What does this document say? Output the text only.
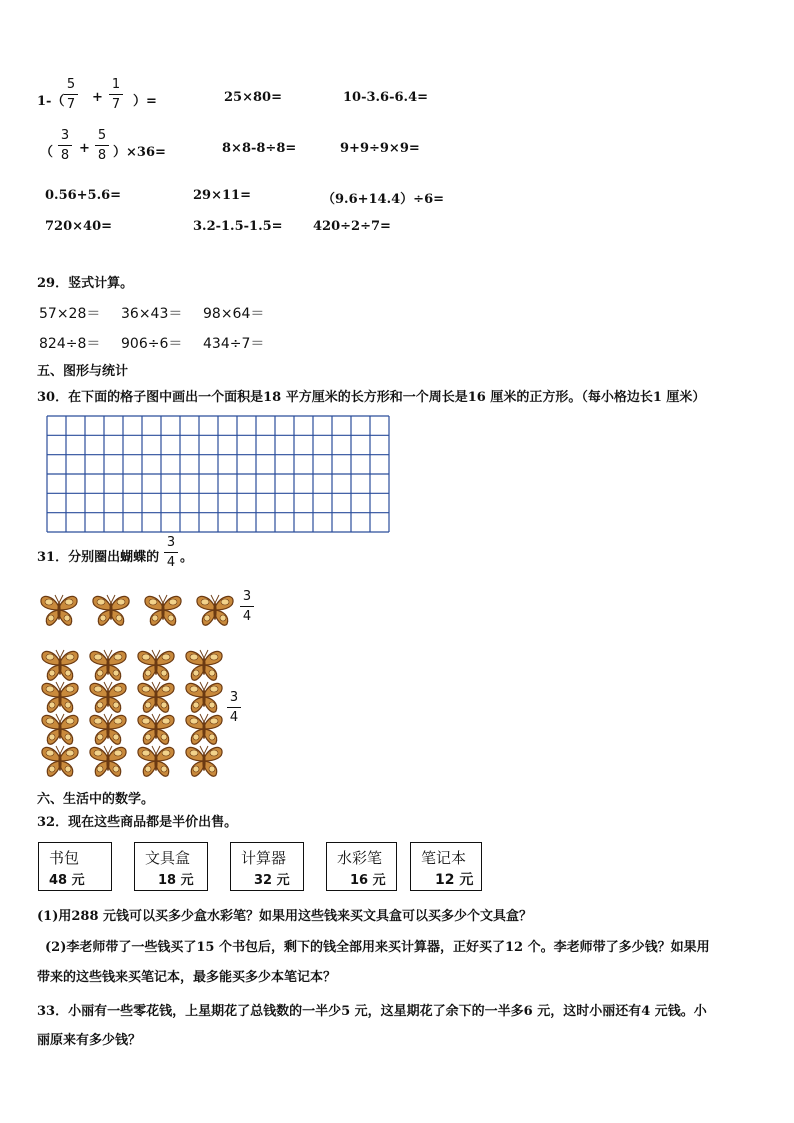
1-（
5
7 +
1
7 ）=	25×80=	10-3.6-6.4=
（
3
8 +
5
8 ）×36=	8×8-8÷8=	9+9÷9×9=
0.56+5.6=	29×11=	（9.6+14.4）÷6=
720×40=	3.2-1.5-1.5= 420÷2÷7=
29．竖式计算。
57×28＝ 36×43＝ 98×64＝
824÷8＝ 906÷6＝ 434÷7＝
五、图形与统计
30．在下面的格子图中画出一个面积是18 平方厘米的长方形和一个周长是16 厘米的正方形。（每小格边长1 厘米）
31．分别圈出蝴蝶的
3
4 。
3
4
3
4
六、生活中的数学。
32．现在这些商品都是半价出售。
书包
48 元
文具盒
18 元
计算器
32 元
水彩笔
16 元
笔记本
12 元
(1)用288 元钱可以买多少盒水彩笔？如果用这些钱来买文具盒可以买多少个文具盒？
(2)李老师带了一些钱买了15 个书包后，剩下的钱全部用来买计算器，正好买了12 个。李老师带了多少钱？如果用
带来的这些钱来买笔记本，最多能买多少本笔记本？
33．小丽有一些零花钱，上星期花了总钱数的一半少5 元，这星期花了余下的一半多6 元，这时小丽还有4 元钱。小
丽原来有多少钱？
